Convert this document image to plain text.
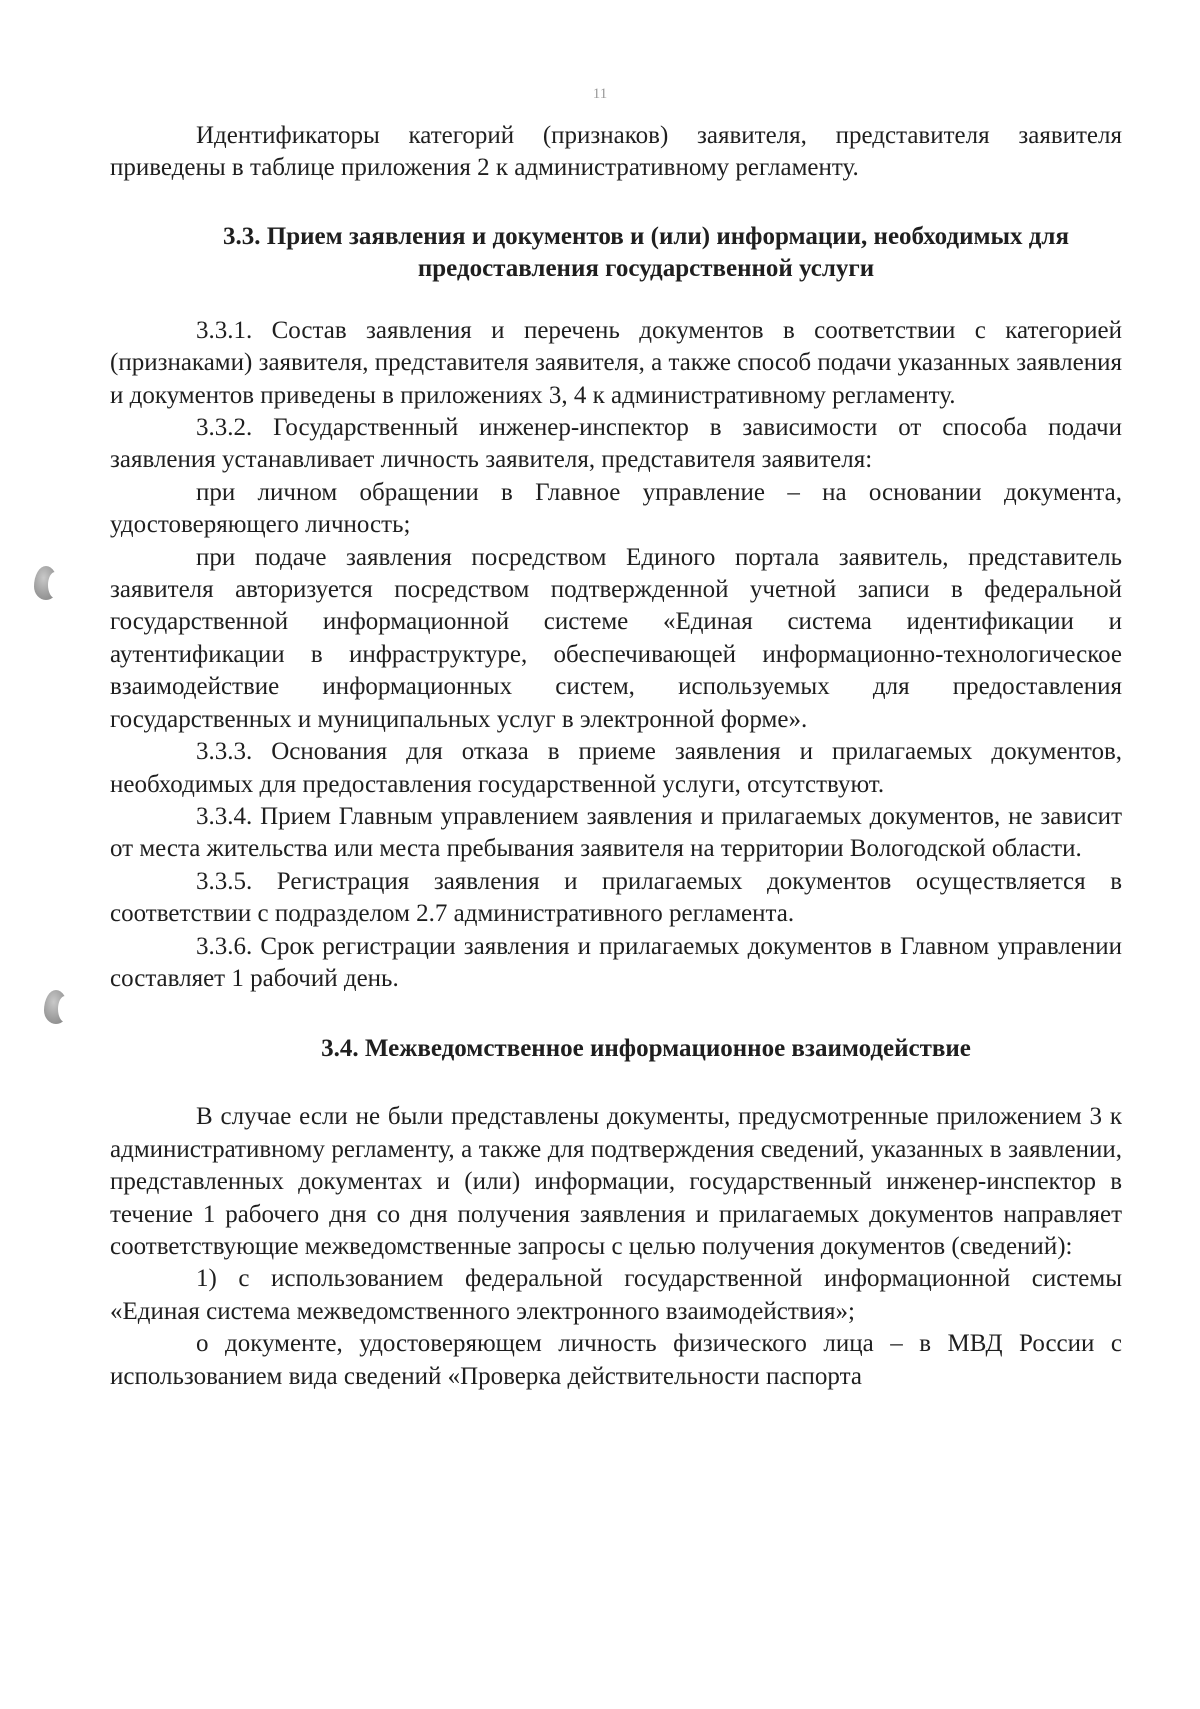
11

Идентификаторы категорий (признаков) заявителя, представителя заявителя приведены в таблице приложения 2 к административному регламенту.

3.3. Прием заявления и документов и (или) информации, необходимых для предоставления государственной услуги

3.3.1. Состав заявления и перечень документов в соответствии с категорией (признаками) заявителя, представителя заявителя, а также способ подачи указанных заявления и документов приведены в приложениях 3, 4 к административному регламенту.

3.3.2. Государственный инженер-инспектор в зависимости от способа подачи заявления устанавливает личность заявителя, представителя заявителя:

при личном обращении в Главное управление – на основании документа, удостоверяющего личность;

при подаче заявления посредством Единого портала заявитель, представитель заявителя авторизуется посредством подтвержденной учетной записи в федеральной государственной информационной системе «Единая система идентификации и аутентификации в инфраструктуре, обеспечивающей информационно-технологическое взаимодействие информационных систем, используемых для предоставления государственных и муниципальных услуг в электронной форме».

3.3.3. Основания для отказа в приеме заявления и прилагаемых документов, необходимых для предоставления государственной услуги, отсутствуют.

3.3.4. Прием Главным управлением заявления и прилагаемых документов, не зависит от места жительства или места пребывания заявителя на территории Вологодской области.

3.3.5. Регистрация заявления и прилагаемых документов осуществляется в соответствии с подразделом 2.7 административного регламента.

3.3.6. Срок регистрации заявления и прилагаемых документов в Главном управлении составляет 1 рабочий день.

3.4. Межведомственное информационное взаимодействие

В случае если не были представлены документы, предусмотренные приложением 3 к административному регламенту, а также для подтверждения сведений, указанных в заявлении, представленных документах и (или) информации, государственный инженер-инспектор в течение 1 рабочего дня со дня получения заявления и прилагаемых документов направляет соответствующие межведомственные запросы с целью получения документов (сведений):

1) с использованием федеральной государственной информационной системы «Единая система межведомственного электронного взаимодействия»;

о документе, удостоверяющем личность физического лица – в МВД России с использованием вида сведений «Проверка действительности паспорта
